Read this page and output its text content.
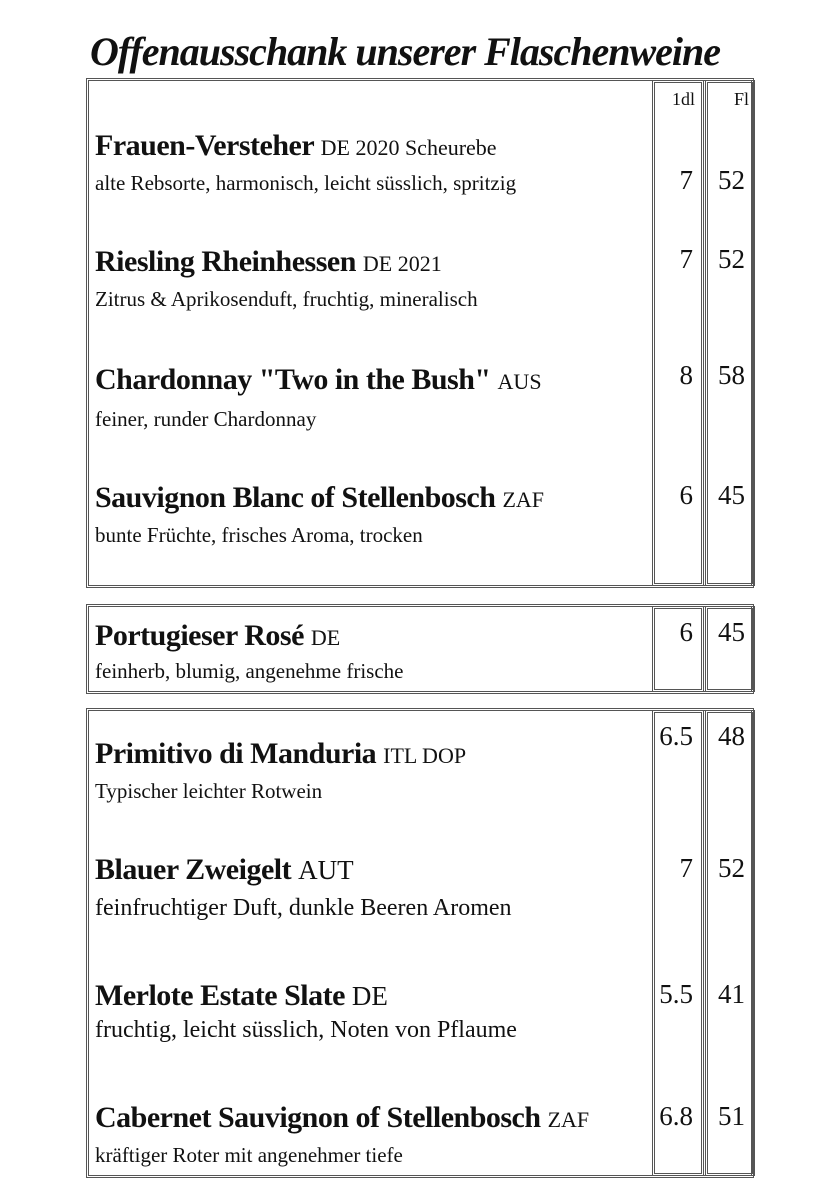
Offenausschank unserer Flaschenweine
1dl Fl
Frauen-Versteher DE 2020 Scheurebe
alte Rebsorte, harmonisch, leicht süsslich, spritzig	7 52
Riesling Rheinhessen DE 2021
Zitrus & Aprikosenduft, fruchtig, mineralisch
7 52
Chardonnay "Two in the Bush" AUS
feiner, runder Chardonnay
8 58
Sauvignon Blanc of Stellenbosch ZAF
bunte Früchte, frisches Aroma, trocken
6 45
Portugieser Rosé DE
feinherb, blumig, angenehme frische
6 45
Primitivo di Manduria ITL DOP
Typischer leichter Rotwein
6.5 48
Blauer Zweigelt AUT
feinfruchtiger Duft, dunkle Beeren Aromen
7 52
Merlote Estate Slate DE
fruchtig, leicht süsslich, Noten von Pflaume
5.5 41
Cabernet Sauvignon of Stellenbosch ZAF
kräftiger Roter mit angenehmer tiefe
6.8 51
